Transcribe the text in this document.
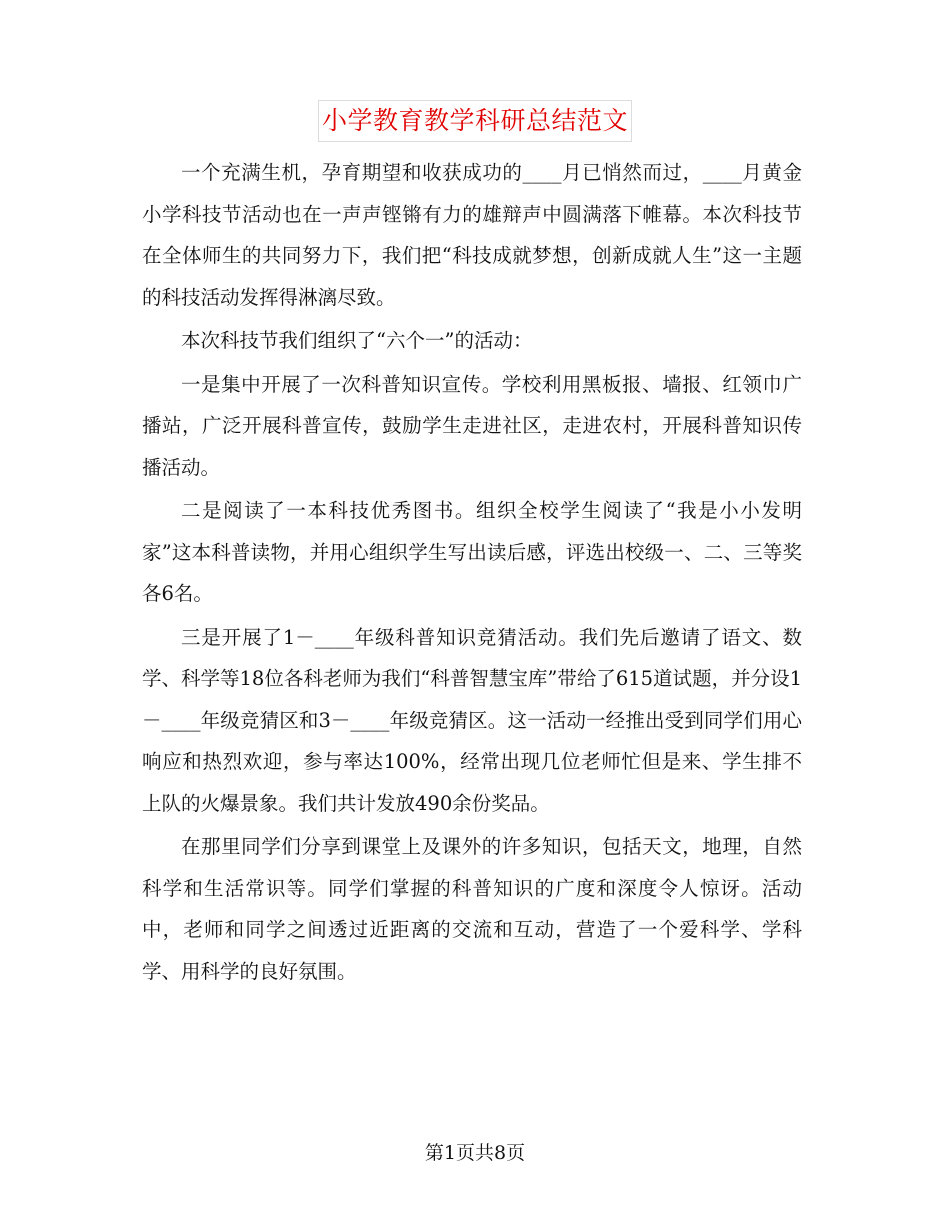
小学教育教学科研总结范文

一个充满生机，孕育期望和收获成功的____月已悄然而过，____月黄金小学科技节活动也在一声声铿锵有力的雄辩声中圆满落下帷幕。本次科技节在全体师生的共同努力下，我们把“科技成就梦想，创新成就人生”这一主题的科技活动发挥得淋漓尽致。

本次科技节我们组织了“六个一”的活动：

一是集中开展了一次科普知识宣传。学校利用黑板报、墙报、红领巾广播站，广泛开展科普宣传，鼓励学生走进社区，走进农村，开展科普知识传播活动。

二是阅读了一本科技优秀图书。组织全校学生阅读了“我是小小发明家”这本科普读物，并用心组织学生写出读后感，评选出校级一、二、三等奖各6名。

三是开展了1－____年级科普知识竞猜活动。我们先后邀请了语文、数学、科学等18位各科老师为我们“科普智慧宝库”带给了615道试题，并分设1－____年级竞猜区和3－____年级竞猜区。这一活动一经推出受到同学们用心响应和热烈欢迎，参与率达100%，经常出现几位老师忙但是来、学生排不上队的火爆景象。我们共计发放490余份奖品。

在那里同学们分享到课堂上及课外的许多知识，包括天文，地理，自然科学和生活常识等。同学们掌握的科普知识的广度和深度令人惊讶。活动中，老师和同学之间透过近距离的交流和互动，营造了一个爱科学、学科学、用科学的良好氛围。

第1页共8页
